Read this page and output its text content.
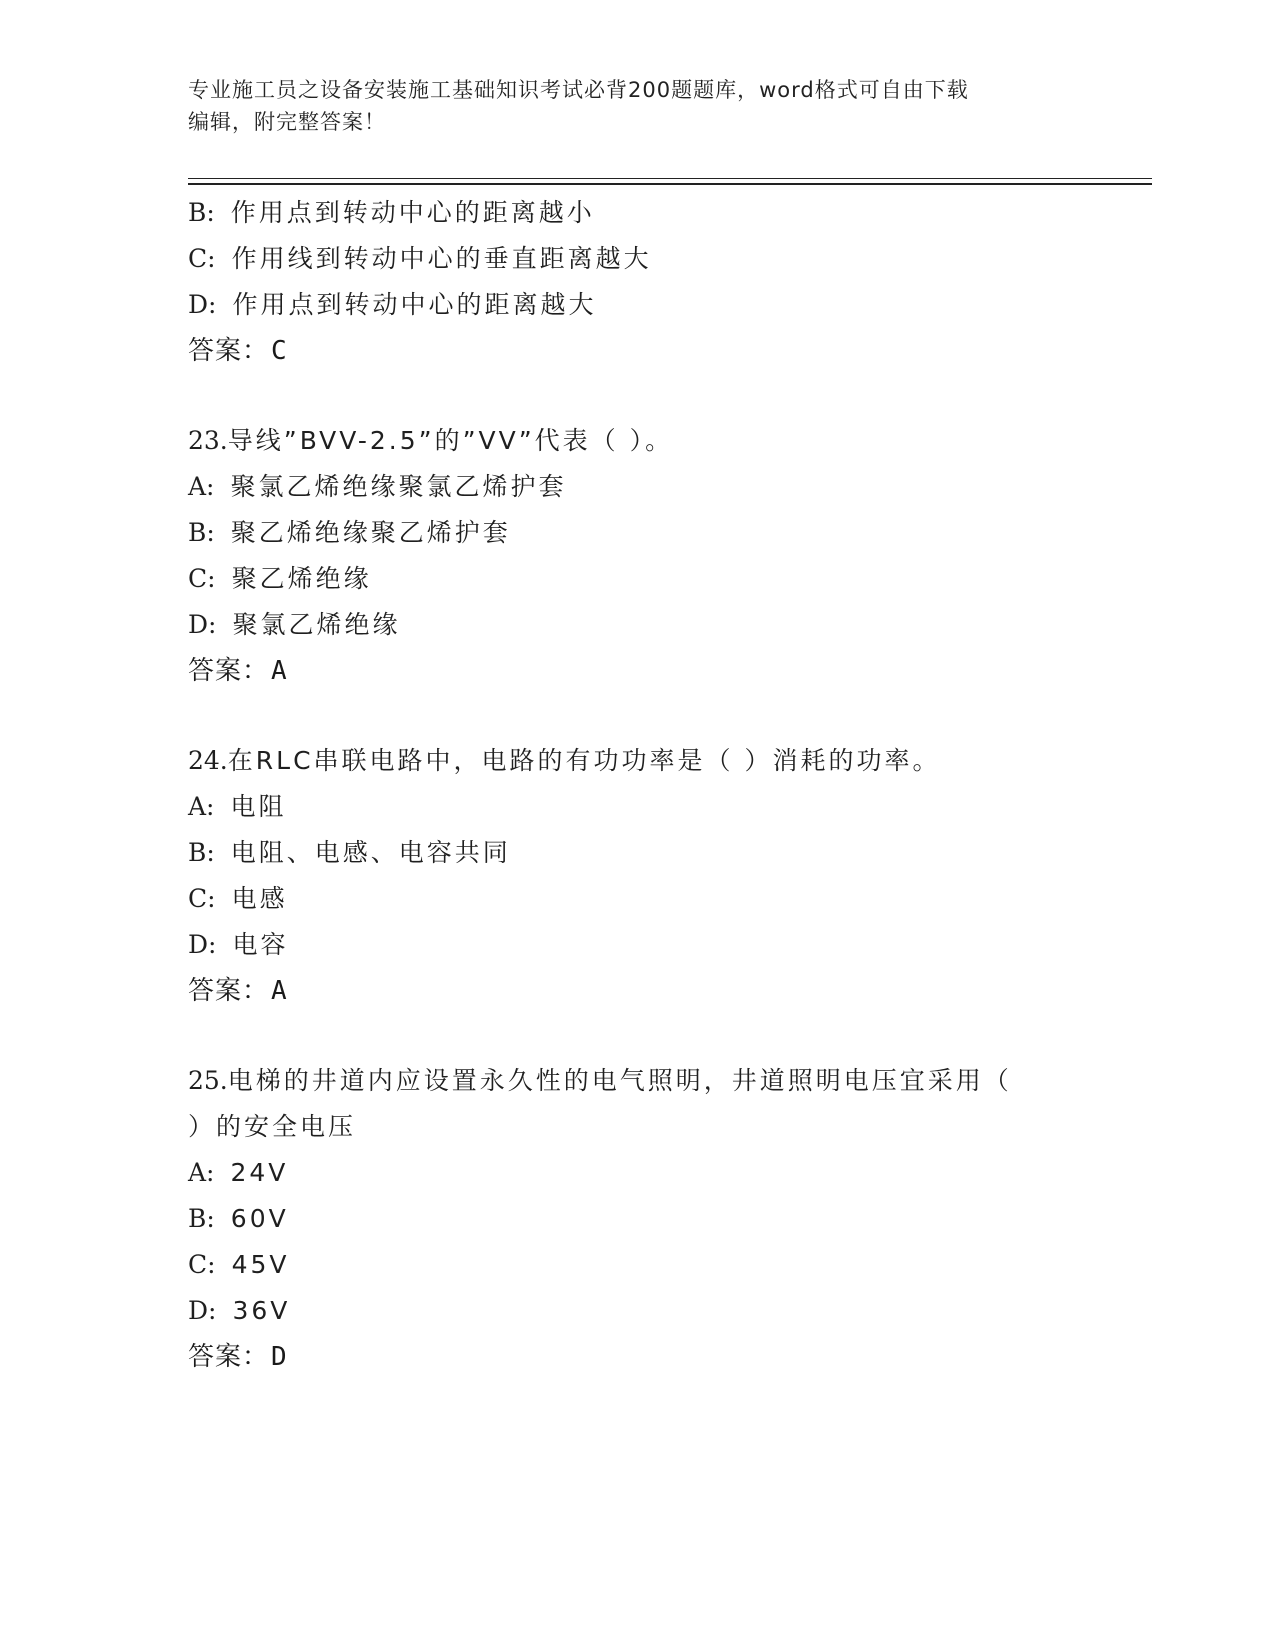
专业施工员之设备安装施工基础知识考试必背200题题库，word格式可自由下载
编辑，附完整答案！
B: 作用点到转动中心的距离越小
C: 作用线到转动中心的垂直距离越大
D: 作用点到转动中心的距离越大
答案：C
23.导线”BVV-2.5”的”VV”代表（ ）。
A: 聚氯乙烯绝缘聚氯乙烯护套
B: 聚乙烯绝缘聚乙烯护套
C: 聚乙烯绝缘
D: 聚氯乙烯绝缘
答案：A
24.在RLC串联电路中，电路的有功功率是（ ）消耗的功率。
A: 电阻
B: 电阻、电感、电容共同
C: 电感
D: 电容
答案：A
25.电梯的井道内应设置永久性的电气照明，井道照明电压宜采用（
）的安全电压
A: 24V
B: 60V
C: 45V
D: 36V
答案：D
